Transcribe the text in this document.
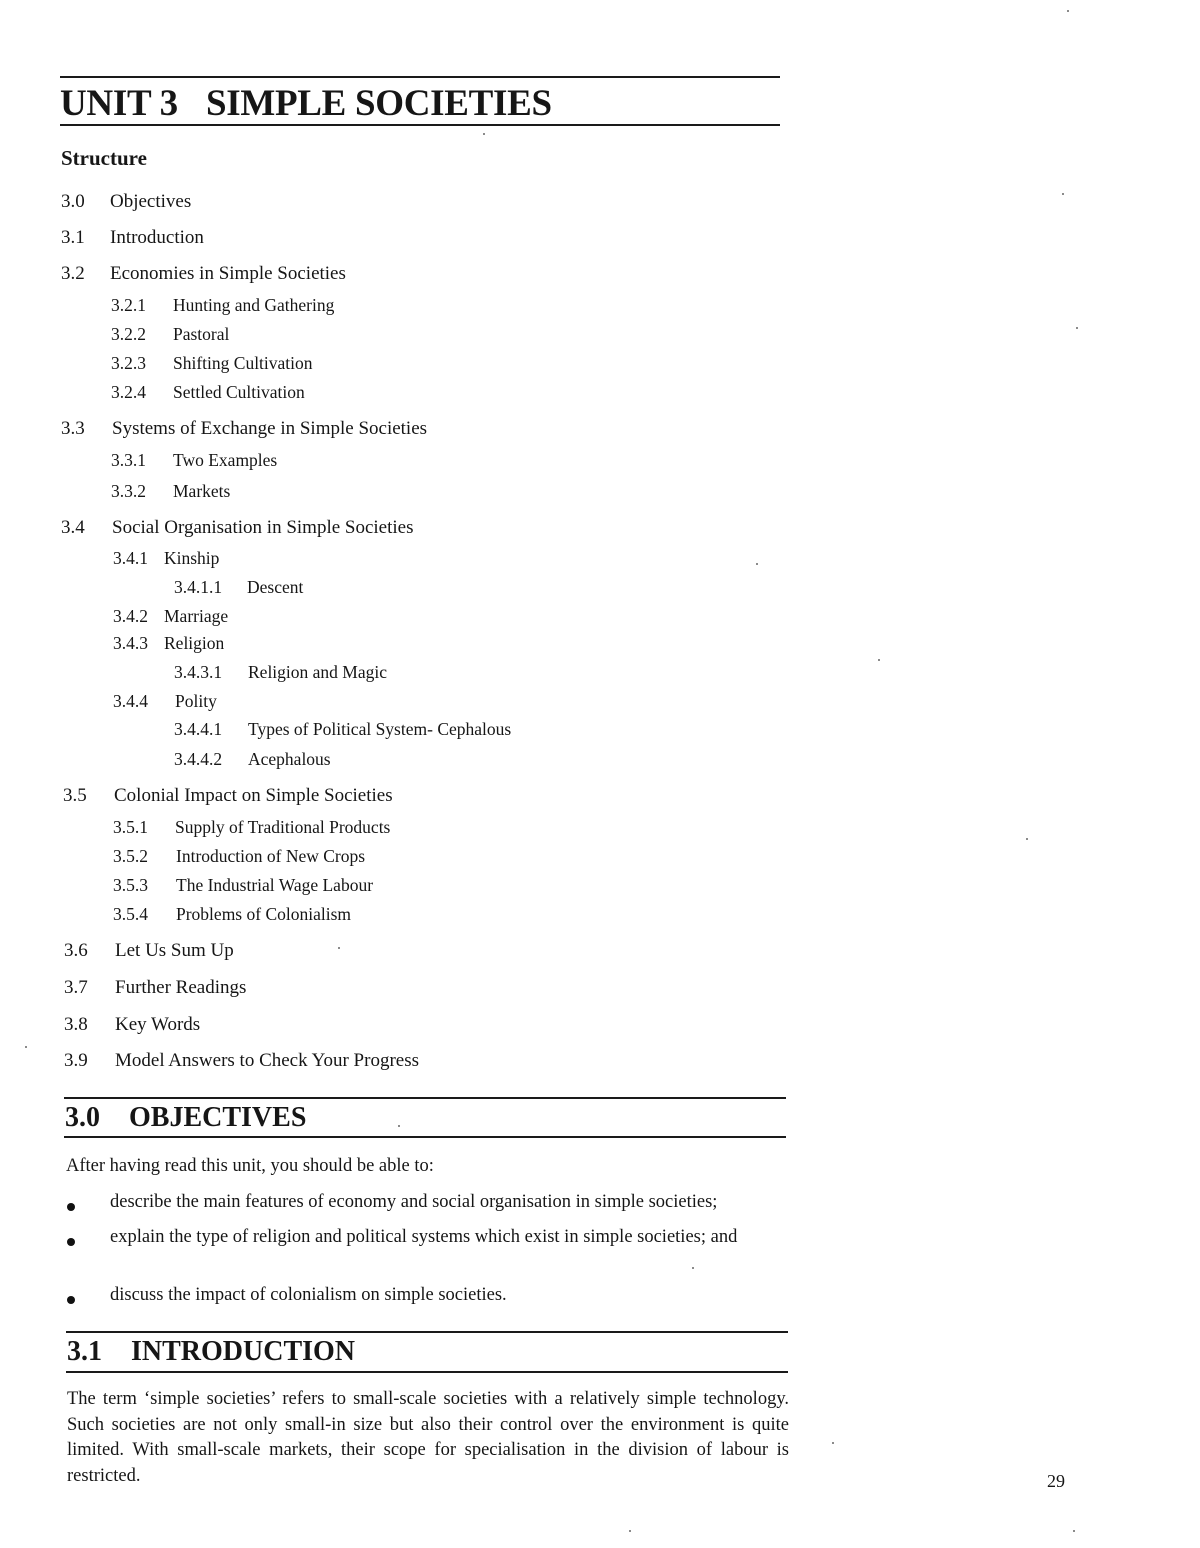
UNIT 3 SIMPLE SOCIETIES
Structure
3.0 Objectives
3.1 Introduction
3.2 Economies in Simple Societies
3.2.1 Hunting and Gathering
3.2.2 Pastoral
3.2.3 Shifting Cultivation
3.2.4 Settled Cultivation
3.3 Systems of Exchange in Simple Societies
3.3.1 Two Examples
3.3.2 Markets
3.4 Social Organisation in Simple Societies
3.4.1 Kinship
3.4.1.1 Descent
3.4.2 Marriage
3.4.3 Religion
3.4.3.1 Religion and Magic
3.4.4 Polity
3.4.4.1 Types of Political System- Cephalous
3.4.4.2 Acephalous
3.5 Colonial Impact on Simple Societies
3.5.1 Supply of Traditional Products
3.5.2 Introduction of New Crops
3.5.3 The Industrial Wage Labour
3.5.4 Problems of Colonialism
3.6 Let Us Sum Up
3.7 Further Readings
3.8 Key Words
3.9 Model Answers to Check Your Progress
3.0 OBJECTIVES
After having read this unit, you should be able to:
describe the main features of economy and social organisation in simple societies;
explain the type of religion and political systems which exist in simple societies; and
discuss the impact of colonialism on simple societies.
3.1 INTRODUCTION
The term ‘simple societies’ refers to small-scale societies with a relatively simple technology. Such societies are not only small-in size but also their control over the environment is quite limited. With small-scale markets, their scope for specialisation in the division of labour is restricted.	29
